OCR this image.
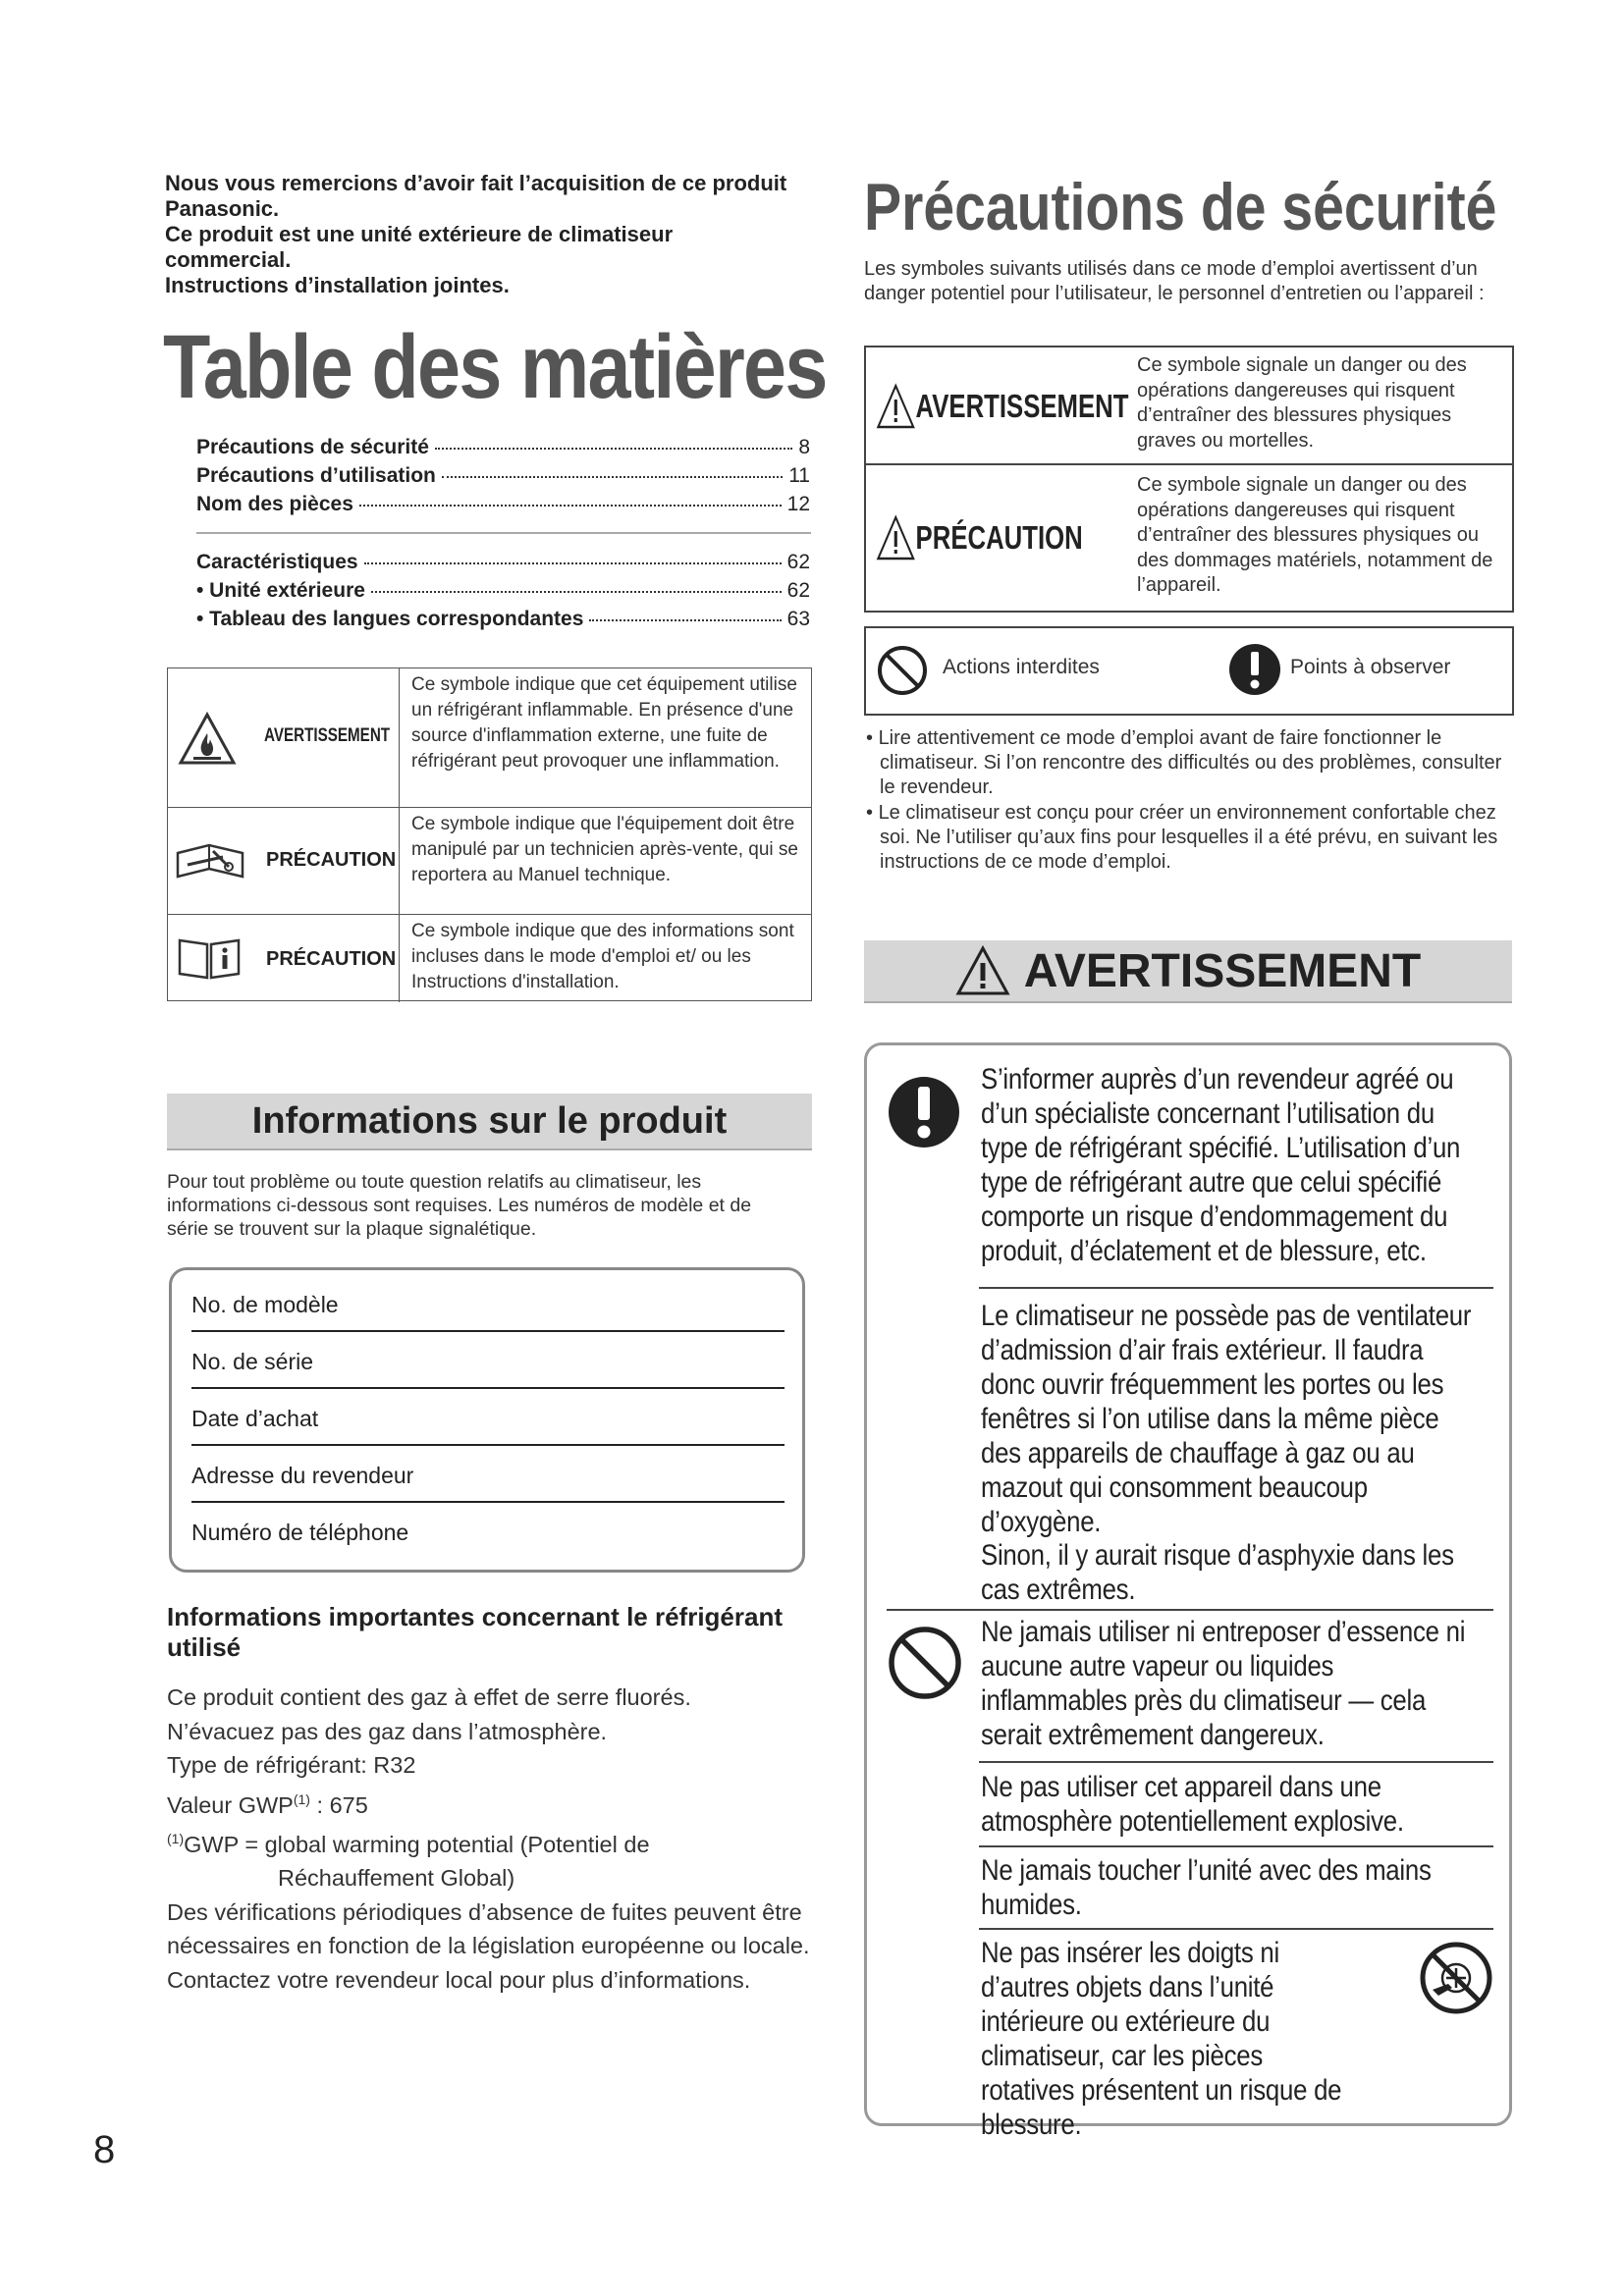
Nous vous remercions d’avoir fait l’acquisition de ce produit Panasonic.
Ce produit est une unité extérieure de climatiseur commercial.
Instructions d’installation jointes.
Table des matières
Précautions de sécurité	8
Précautions d’utilisation	11
Nom des pièces	12
Caractéristiques	62
• Unité extérieure	62
• Tableau des langues correspondantes	63
AVERTISSEMENT
Ce symbole indique que cet équipement utilise un réfrigérant inflammable. En présence d'une source d'inflammation externe, une fuite de réfrigérant peut provoquer une inflammation.
PRÉCAUTION
Ce symbole indique que l'équipement doit être manipulé par un technicien après-vente, qui se reportera au Manuel technique.
PRÉCAUTION
Ce symbole indique que des informations sont incluses dans le mode d'emploi et/ ou les Instructions d'installation.
Informations sur le produit
Pour tout problème ou toute question relatifs au climatiseur, les informations ci-dessous sont requises. Les numéros de modèle et de série se trouvent sur la plaque signalétique.
No. de modèle
No. de série
Date d’achat
Adresse du revendeur
Numéro de téléphone
Informations importantes concernant le réfrigérant utilisé
Ce produit contient des gaz à effet de serre fluorés.
N’évacuez pas des gaz dans l’atmosphère.
Type de réfrigérant: R32
Valeur GWP$^{(1)}$ : 675
$^{(1)}$GWP = global warming potential (Potentiel de
Réchauffement Global)
Des vérifications périodiques d’absence de fuites peuvent être nécessaires en fonction de la législation européenne ou locale. Contactez votre revendeur local pour plus d’informations.
8
Précautions de sécurité
Les symboles suivants utilisés dans ce mode d’emploi avertissent d’un danger potentiel pour l’utilisateur, le personnel d’entretien ou l’appareil :
AVERTISSEMENT
Ce symbole signale un danger ou des opérations dangereuses qui risquent d’entraîner des blessures physiques graves ou mortelles.
PRÉCAUTION
Ce symbole signale un danger ou des opérations dangereuses qui risquent d’entraîner des blessures physiques ou des dommages matériels, notamment de l’appareil.
Actions interdites	Points à observer
• Lire attentivement ce mode d’emploi avant de faire fonctionner le climatiseur. Si l’on rencontre des difficultés ou des problèmes, consulter le revendeur.
• Le climatiseur est conçu pour créer un environnement confortable chez soi. Ne l’utiliser qu’aux fins pour lesquelles il a été prévu, en suivant les instructions de ce mode d’emploi.
AVERTISSEMENT
S’informer auprès d’un revendeur agréé ou d’un spécialiste concernant l’utilisation du type de réfrigérant spécifié. L’utilisation d’un type de réfrigérant autre que celui spécifié comporte un risque d’endommagement du produit, d’éclatement et de blessure, etc.
Le climatiseur ne possède pas de ventilateur d’admission d’air frais extérieur. Il faudra donc ouvrir fréquemment les portes ou les fenêtres si l’on utilise dans la même pièce des appareils de chauffage à gaz ou au mazout qui consomment beaucoup d’oxygène.
Sinon, il y aurait risque d’asphyxie dans les cas extrêmes.
Ne jamais utiliser ni entreposer d’essence ni aucune autre vapeur ou liquides inflammables près du climatiseur — cela serait extrêmement dangereux.
Ne pas utiliser cet appareil dans une atmosphère potentiellement explosive.
Ne jamais toucher l’unité avec des mains humides.
Ne pas insérer les doigts ni d’autres objets dans l’unité intérieure ou extérieure du climatiseur, car les pièces rotatives présentent un risque de blessure.
